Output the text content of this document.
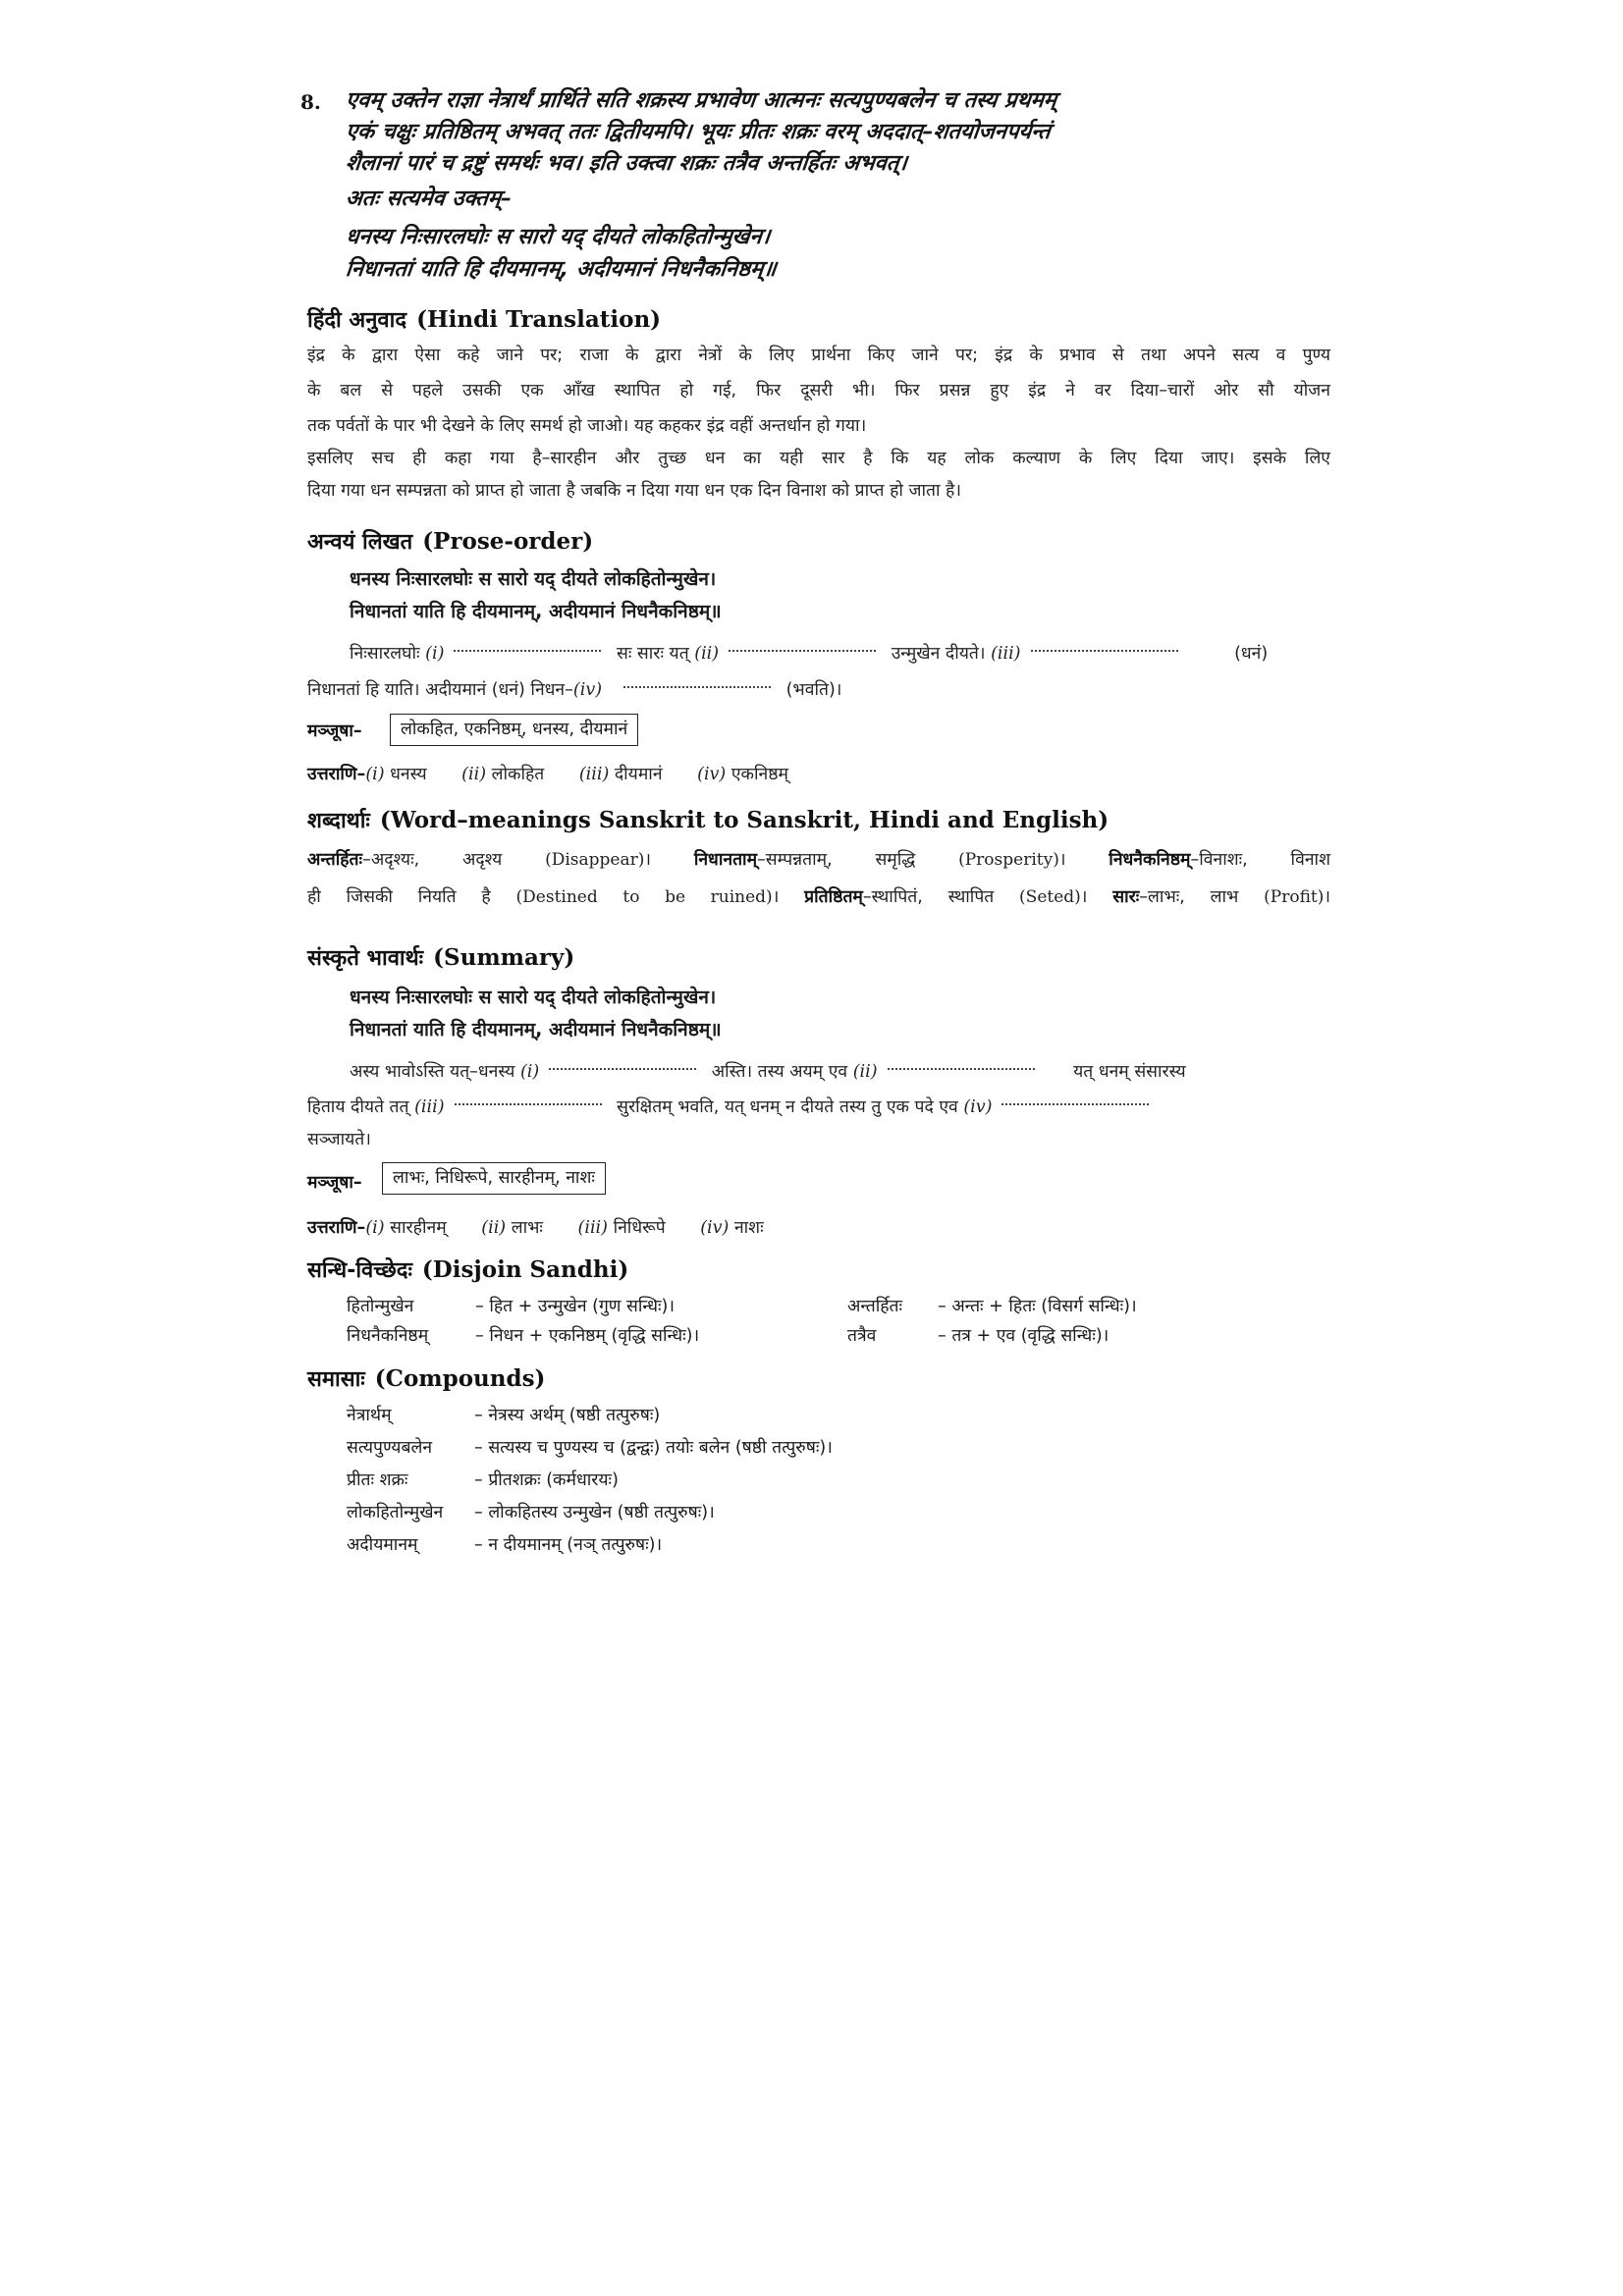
8. एवम् उक्तेन राज्ञा नेत्रार्थं प्रार्थिते सति शक्रस्य प्रभावेण आत्मनः सत्यपुण्यबलेन च तस्य प्रथमम्
एकं चक्षुः प्रतिष्ठितम् अभवत् ततः द्वितीयमपि। भूयः प्रीतः शक्रः वरम् अददात्–शतयोजनपर्यन्तं
शैलानां पारं च द्रष्टुं समर्थः भव। इति उक्त्वा शक्रः तत्रैव अन्तर्हितः अभवत्।
अतः सत्यमेव उक्तम्–
धनस्य निःसारलघोः स सारो यद् दीयते लोकहितोन्मुखेन।
निधानतां याति हि दीयमानम्, अदीयमानं निधनैकनिष्ठम्॥
हिंदी अनुवाद (Hindi Translation)
इंद्र के द्वारा ऐसा कहे जाने पर; राजा के द्वारा नेत्रों के लिए प्रार्थना किए जाने पर; इंद्र के प्रभाव से तथा अपने सत्य व पुण्य
के बल से पहले उसकी एक आँख स्थापित हो गई, फिर दूसरी भी। फिर प्रसन्न हुए इंद्र ने वर दिया–चारों ओर सौ योजन
तक पर्वतों के पार भी देखने के लिए समर्थ हो जाओ। यह कहकर इंद्र वहीं अन्तर्धान हो गया।
इसलिए सच ही कहा गया है–सारहीन और तुच्छ धन का यही सार है कि यह लोक कल्याण के लिए दिया जाए। इसके लिए
दिया गया धन सम्पन्नता को प्राप्त हो जाता है जबकि न दिया गया धन एक दिन विनाश को प्राप्त हो जाता है।
अन्वयं लिखत (Prose-order)
धनस्य निःसारलघोः स सारो यद् दीयते लोकहितोन्मुखेन।
निधानतां याति हि दीयमानम्, अदीयमानं निधनैकनिष्ठम्॥
निःसारलघोः (i)	सः सारः यत् (ii)	उन्मुखेन दीयते। (iii)	(धनं)
निधानतां हि याति। अदीयमानं (धनं) निधन–(iv)	(भवति)।
मञ्जूषा–	लोकहित, एकनिष्ठम्, धनस्य, दीयमानं
उत्तराणि–(i) धनस्य (ii) लोकहित (iii) दीयमानं (iv) एकनिष्ठम्
शब्दार्थाः (Word–meanings Sanskrit to Sanskrit, Hindi and English)
अन्तर्हितः–अदृश्यः, अदृश्य (Disappear)। निधानताम्–सम्पन्नताम्, समृद्धि (Prosperity)। निधनैकनिष्ठम्–विनाशः, विनाश
ही जिसकी नियति है (Destined to be ruined)। प्रतिष्ठितम्–स्थापितं, स्थापित (Seted)। सारः–लाभः, लाभ (Profit)।
संस्कृते भावार्थः (Summary)
धनस्य निःसारलघोः स सारो यद् दीयते लोकहितोन्मुखेन।
निधानतां याति हि दीयमानम्, अदीयमानं निधनैकनिष्ठम्॥
अस्य भावोऽस्ति यत्–धनस्य (i)	अस्ति। तस्य अयम् एव (ii)	यत् धनम् संसारस्य
हिताय दीयते तत् (iii)	सुरक्षितम् भवति, यत् धनम् न दीयते तस्य तु एक पदे एव (iv)
सञ्जायते।
मञ्जूषा–	लाभः, निधिरूपे, सारहीनम्, नाशः
उत्तराणि–(i) सारहीनम् (ii) लाभः (iii) निधिरूपे (iv) नाशः
सन्धि-विच्छेदः (Disjoin Sandhi)
हितोन्मुखेन	– हित + उन्मुखेन (गुण सन्धिः)।	अन्तर्हितः – अन्तः + हितः (विसर्ग सन्धिः)।
निधनैकनिष्ठम्	– निधन + एकनिष्ठम् (वृद्धि सन्धिः)।	तत्रैव	– तत्र + एव (वृद्धि सन्धिः)।
समासाः (Compounds)
नेत्रार्थम्	– नेत्रस्य अर्थम् (षष्ठी तत्पुरुषः)
सत्यपुण्यबलेन – सत्यस्य च पुण्यस्य च (द्वन्द्वः) तयोः बलेन (षष्ठी तत्पुरुषः)।
प्रीतः शक्रः	– प्रीतशक्रः (कर्मधारयः)
लोकहितोन्मुखेन – लोकहितस्य उन्मुखेन (षष्ठी तत्पुरुषः)।
अदीयमानम्	– न दीयमानम् (नञ् तत्पुरुषः)।
